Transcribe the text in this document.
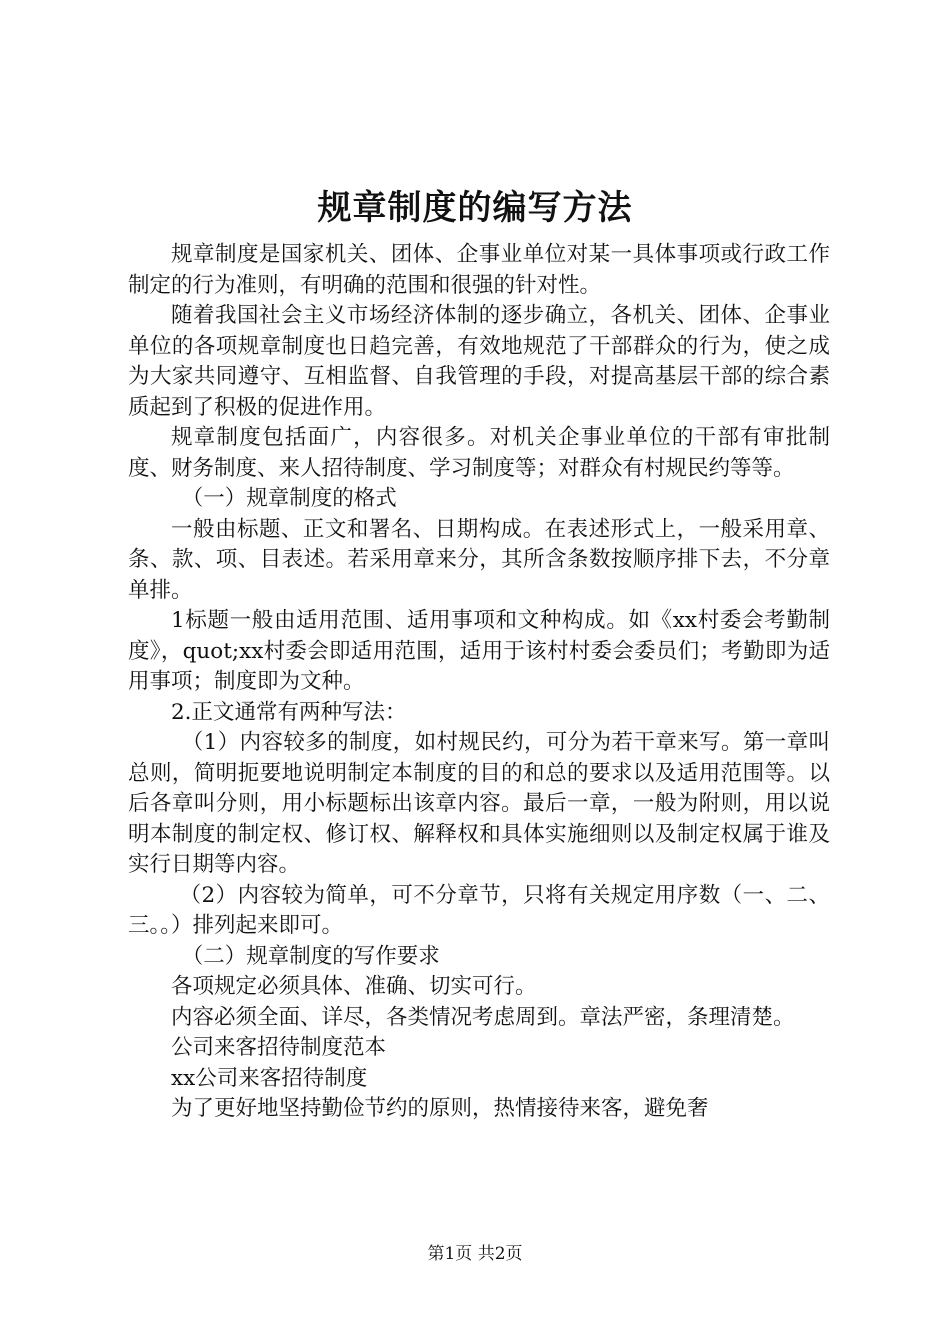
规章制度的编写方法

规章制度是国家机关、团体、企事业单位对某一具体事项或行政工作制定的行为准则，有明确的范围和很强的针对性。

随着我国社会主义市场经济体制的逐步确立，各机关、团体、企事业单位的各项规章制度也日趋完善，有效地规范了干部群众的行为，使之成为大家共同遵守、互相监督、自我管理的手段，对提高基层干部的综合素质起到了积极的促进作用。

规章制度包括面广，内容很多。对机关企事业单位的干部有审批制度、财务制度、来人招待制度、学习制度等；对群众有村规民约等等。

（一）规章制度的格式

一般由标题、正文和署名、日期构成。在表述形式上，一般采用章、条、款、项、目表述。若采用章来分，其所含条数按顺序排下去，不分章单排。

1标题一般由适用范围、适用事项和文种构成。如《xx村委会考勤制度》，quot;xx村委会即适用范围，适用于该村村委会委员们；考勤即为适用事项；制度即为文种。

2.正文通常有两种写法：

（1）内容较多的制度，如村规民约，可分为若干章来写。第一章叫总则，简明扼要地说明制定本制度的目的和总的要求以及适用范围等。以后各章叫分则，用小标题标出该章内容。最后一章，一般为附则，用以说明本制度的制定权、修订权、解释权和具体实施细则以及制定权属于谁及实行日期等内容。

（2）内容较为简单，可不分章节，只将有关规定用序数（一、二、三。。）排列起来即可。

（二）规章制度的写作要求

各项规定必须具体、准确、切实可行。

内容必须全面、详尽，各类情况考虑周到。章法严密，条理清楚。

公司来客招待制度范本

xx公司来客招待制度

为了更好地坚持勤俭节约的原则，热情接待来客，避免奢

第1页 共2页
